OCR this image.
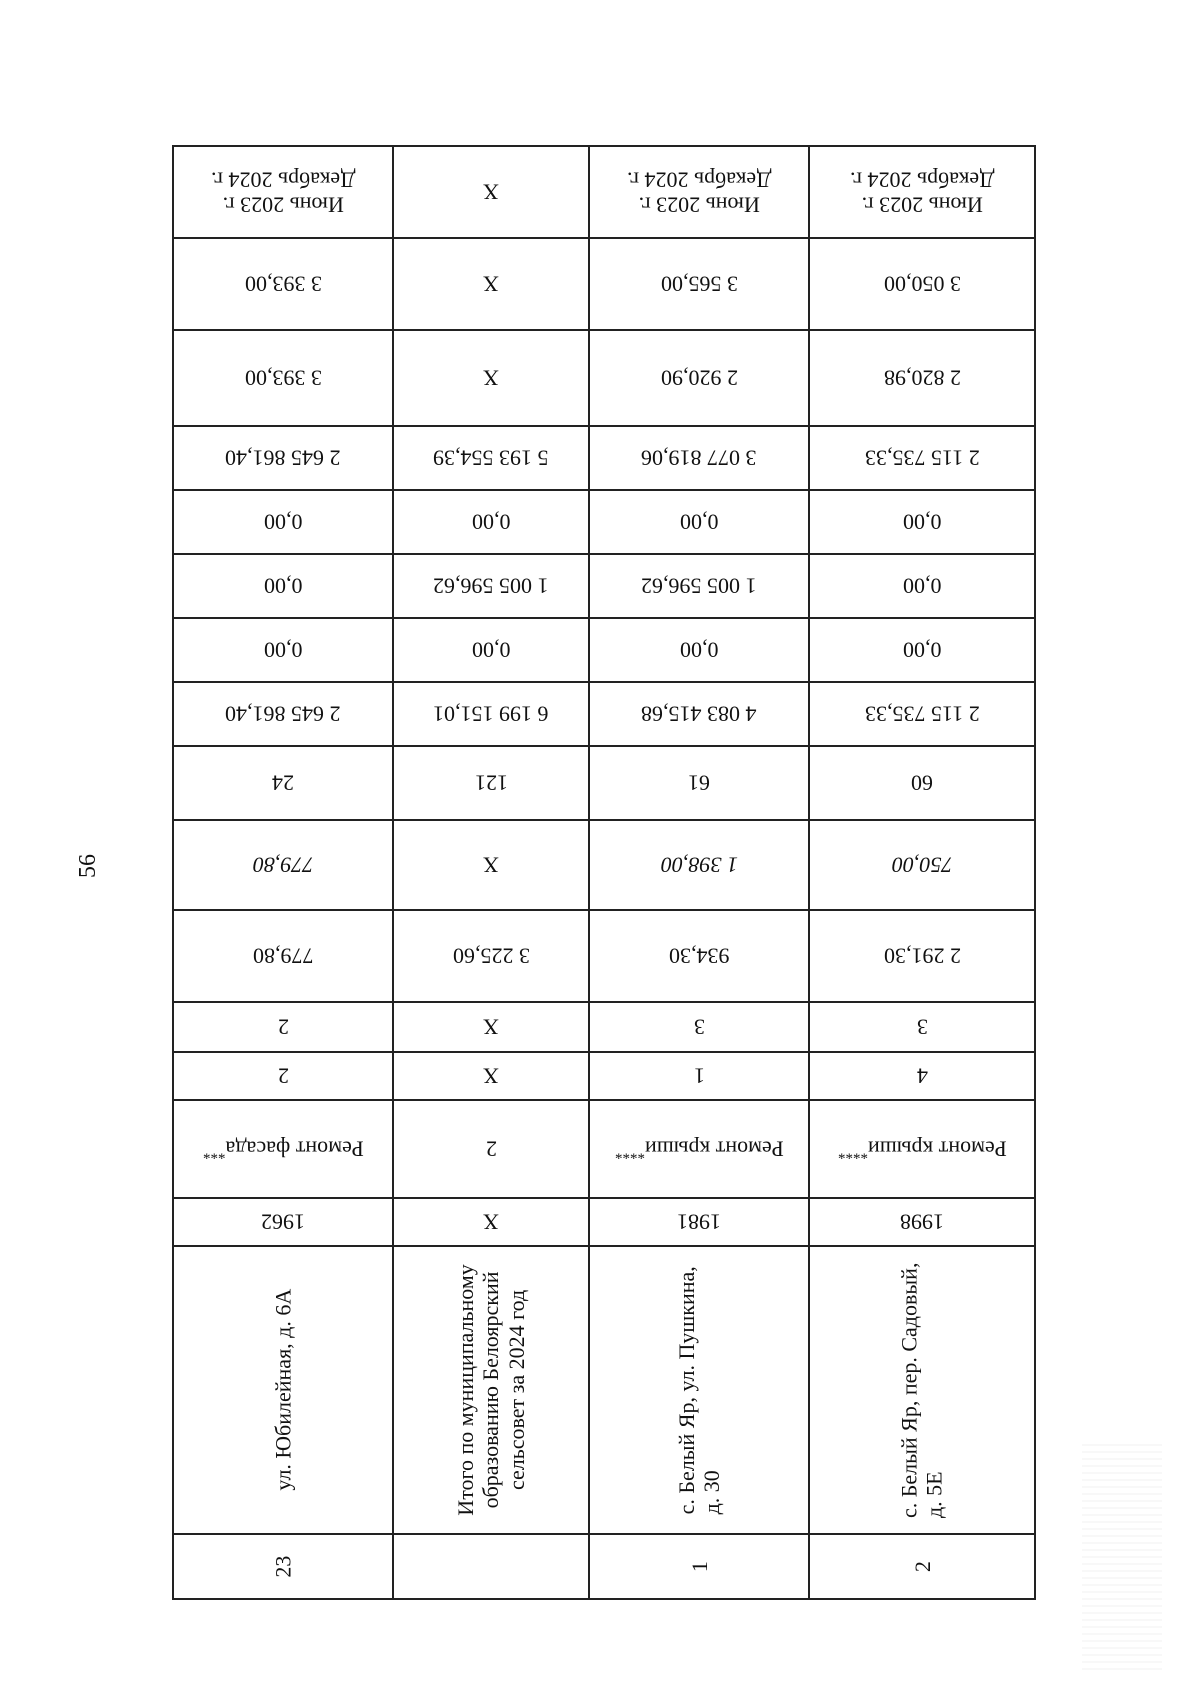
56
Июнь 2023 г.
Декабрь 2024 г.
3 393,00
3 393,00
2 645 861,40
0,00
0,00
0,00
2 645 861,40
24
779,80
779,80
2
2
Ремонт фасада***
1962
ул. Юбилейная, д. 6А
23
X
X
X
5 193 554,39
0,00
1 005 596,62
0,00
6 199 151,01
121
X
3 225,60
X
X
2
X
Итого по муниципальному
образованию Белоярский
сельсовет за 2024 год
Июнь 2023 г.
Декабрь 2024 г.
3 565,00
2 920,90
3 077 819,06
0,00
1 005 596,62
0,00
4 083 415,68
61
1 398,00
934,30
3
1
Ремонт крыши****
1981
с. Белый Яр, ул. Пушкина,
д. 30
1
Июнь 2023 г.
Декабрь 2024 г.
3 050,00
2 820,98
2 115 735,33
0,00
0,00
0,00
2 115 735,33
60
750,00
2 291,30
3
4
Ремонт крыши****
1998
с. Белый Яр, пер. Садовый,
д. 5Е
2
